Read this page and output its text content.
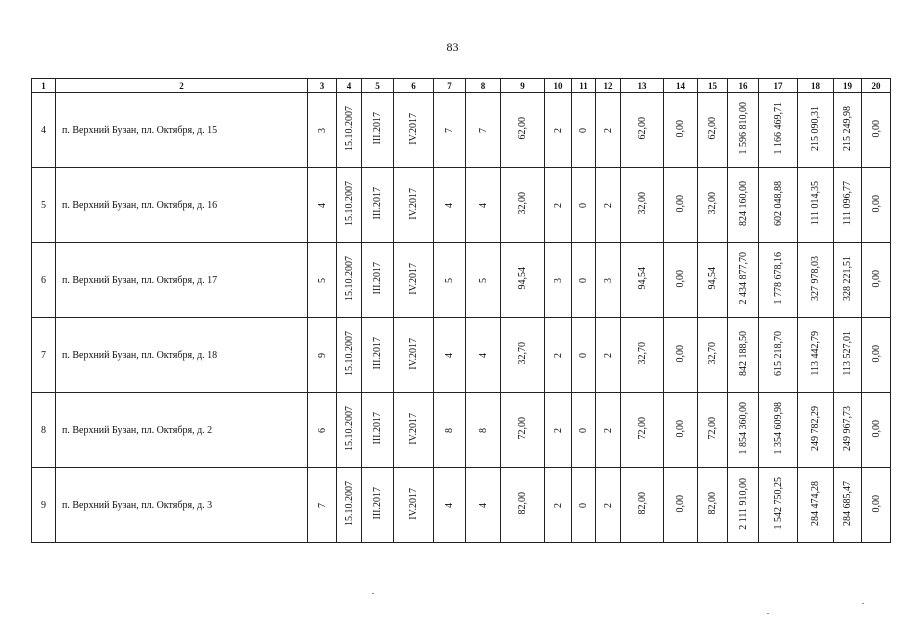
83
1	2	3	4	5	6	7	8	9	10	11	12	13	14	15	16	17	18	19	20
4	п. Верхний Бузан, пл. Октября, д. 15	3	15.10.2007	III.2017	IV.2017	7	7	62,00	2	0	2	62,00	0,00	62,00	1 596 810,00	1 166 469,71	215 090,31	215 249,98	0,00
5	п. Верхний Бузан, пл. Октября, д. 16	4	15.10.2007	III.2017	IV.2017	4	4	32,00	2	0	2	32,00	0,00	32,00	824 160,00	602 048,88	111 014,35	111 096,77	0,00
6	п. Верхний Бузан, пл. Октября, д. 17	5	15.10.2007	III.2017	IV.2017	5	5	94,54	3	0	3	94,54	0,00	94,54	2 434 877,70	1 778 678,16	327 978,03	328 221,51	0,00
7	п. Верхний Бузан, пл. Октября, д. 18	9	15.10.2007	III.2017	IV.2017	4	4	32,70	2	0	2	32,70	0,00	32,70	842 188,50	615 218,70	113 442,79	113 527,01	0,00
8	п. Верхний Бузан, пл. Октября, д. 2	6	15.10.2007	III.2017	IV.2017	8	8	72,00	2	0	2	72,00	0,00	72,00	1 854 360,00	1 354 609,98	249 782,29	249 967,73	0,00
9	п. Верхний Бузан, пл. Октября, д. 3	7	15.10.2007	III.2017	IV.2017	4	4	82,00	2	0	2	82,00	0,00	82,00	2 111 910,00	1 542 750,25	284 474,28	284 685,47	0,00
